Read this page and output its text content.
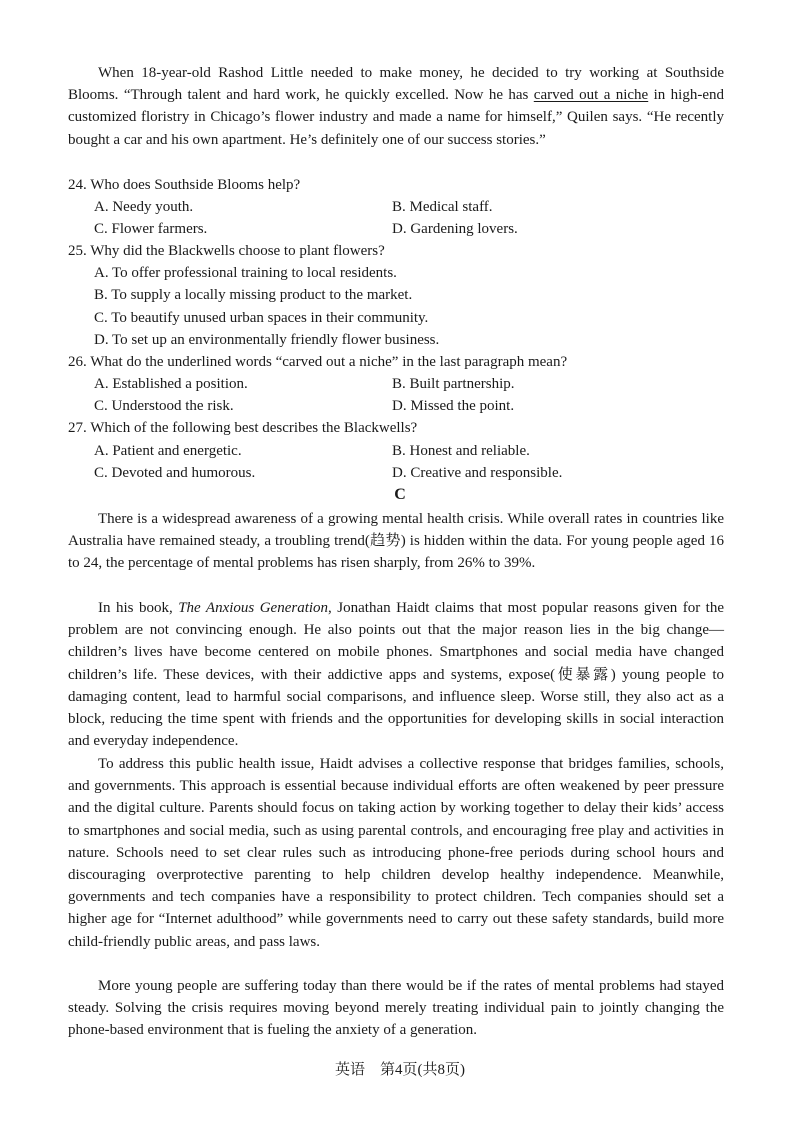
When 18-year-old Rashod Little needed to make money, he decided to try working at Southside Blooms. “Through talent and hard work, he quickly excelled. Now he has carved out a niche in high-end customized floristry in Chicago’s flower industry and made a name for himself,” Quilen says. “He recently bought a car and his own apartment. He’s definitely one of our success stories.”

24. Who does Southside Blooms help?

A. Needy youth.	B. Medical staff.

C. Flower farmers.	D. Gardening lovers.

25. Why did the Blackwells choose to plant flowers?

A. To offer professional training to local residents.

B. To supply a locally missing product to the market.

C. To beautify unused urban spaces in their community.

D. To set up an environmentally friendly flower business.

26. What do the underlined words “carved out a niche” in the last paragraph mean?

A. Established a position.	B. Built partnership.

C. Understood the risk.	D. Missed the point.

27. Which of the following best describes the Blackwells?

A. Patient and energetic.	B. Honest and reliable.

C. Devoted and humorous.	D. Creative and responsible.

C

There is a widespread awareness of a growing mental health crisis. While overall rates in countries like Australia have remained steady, a troubling trend(趋势) is hidden within the data. For young people aged 16 to 24, the percentage of mental problems has risen sharply, from 26% to 39%.

In his book, The Anxious Generation, Jonathan Haidt claims that most popular reasons given for the problem are not convincing enough. He also points out that the major reason lies in the big change—children’s lives have become centered on mobile phones. Smartphones and social media have changed children’s life. These devices, with their addictive apps and systems, expose(使暴露) young people to damaging content, lead to harmful social comparisons, and influence sleep. Worse still, they also act as a block, reducing the time spent with friends and the opportunities for developing skills in social interaction and everyday independence.

To address this public health issue, Haidt advises a collective response that bridges families, schools, and governments. This approach is essential because individual efforts are often weakened by peer pressure and the digital culture. Parents should focus on taking action by working together to delay their kids’ access to smartphones and social media, such as using parental controls, and encouraging free play and activities in nature. Schools need to set clear rules such as introducing phone-free periods during school hours and discouraging overprotective parenting to help children develop healthy independence. Meanwhile, governments and tech companies have a responsibility to protect children. Tech companies should set a higher age for “Internet adulthood” while governments need to carry out these safety standards, build more child-friendly public areas, and pass laws.

More young people are suffering today than there would be if the rates of mental problems had stayed steady. Solving the crisis requires moving beyond merely treating individual pain to jointly changing the phone-based environment that is fueling the anxiety of a generation.

英语　第4页(共8页)
